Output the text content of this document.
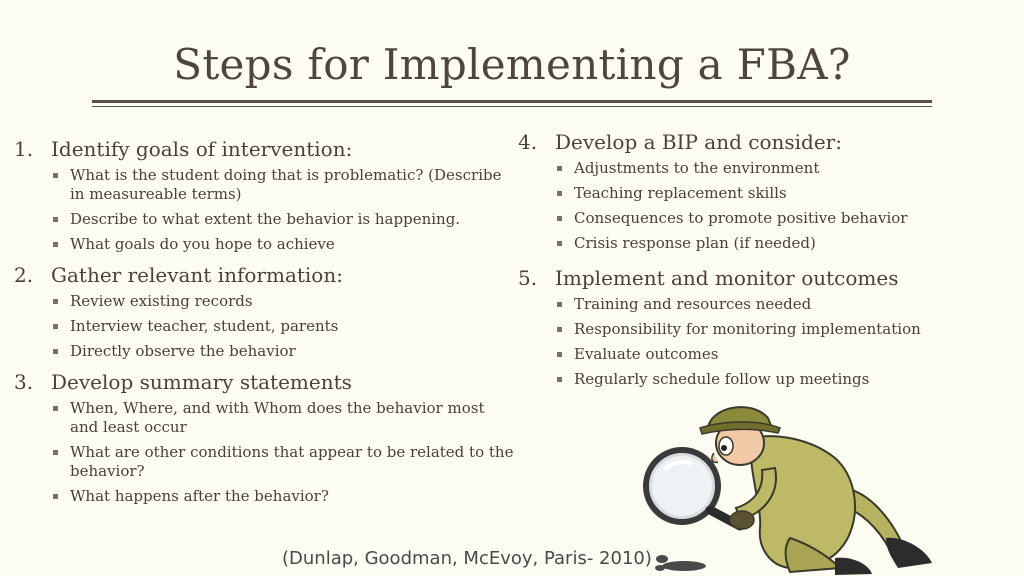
Steps for Implementing a FBA?
1. Identify goals of intervention:
What is the student doing that is problematic? (Describe in measureable terms)
Describe to what extent the behavior is happening.
What goals do you hope to achieve
2. Gather relevant information:
Review existing records
Interview teacher, student, parents
Directly observe the behavior
3. Develop summary statements
When, Where, and with Whom does the behavior most and least occur
What are other conditions that appear to be related to the behavior?
What happens after the behavior?
4. Develop a BIP and consider:
Adjustments to the environment
Teaching replacement skills
Consequences to promote positive behavior
Crisis response plan (if needed)
5. Implement and monitor outcomes
Training and resources needed
Responsibility for monitoring implementation
Evaluate outcomes
Regularly schedule follow up meetings
(Dunlap, Goodman, McEvoy, Paris- 2010)
